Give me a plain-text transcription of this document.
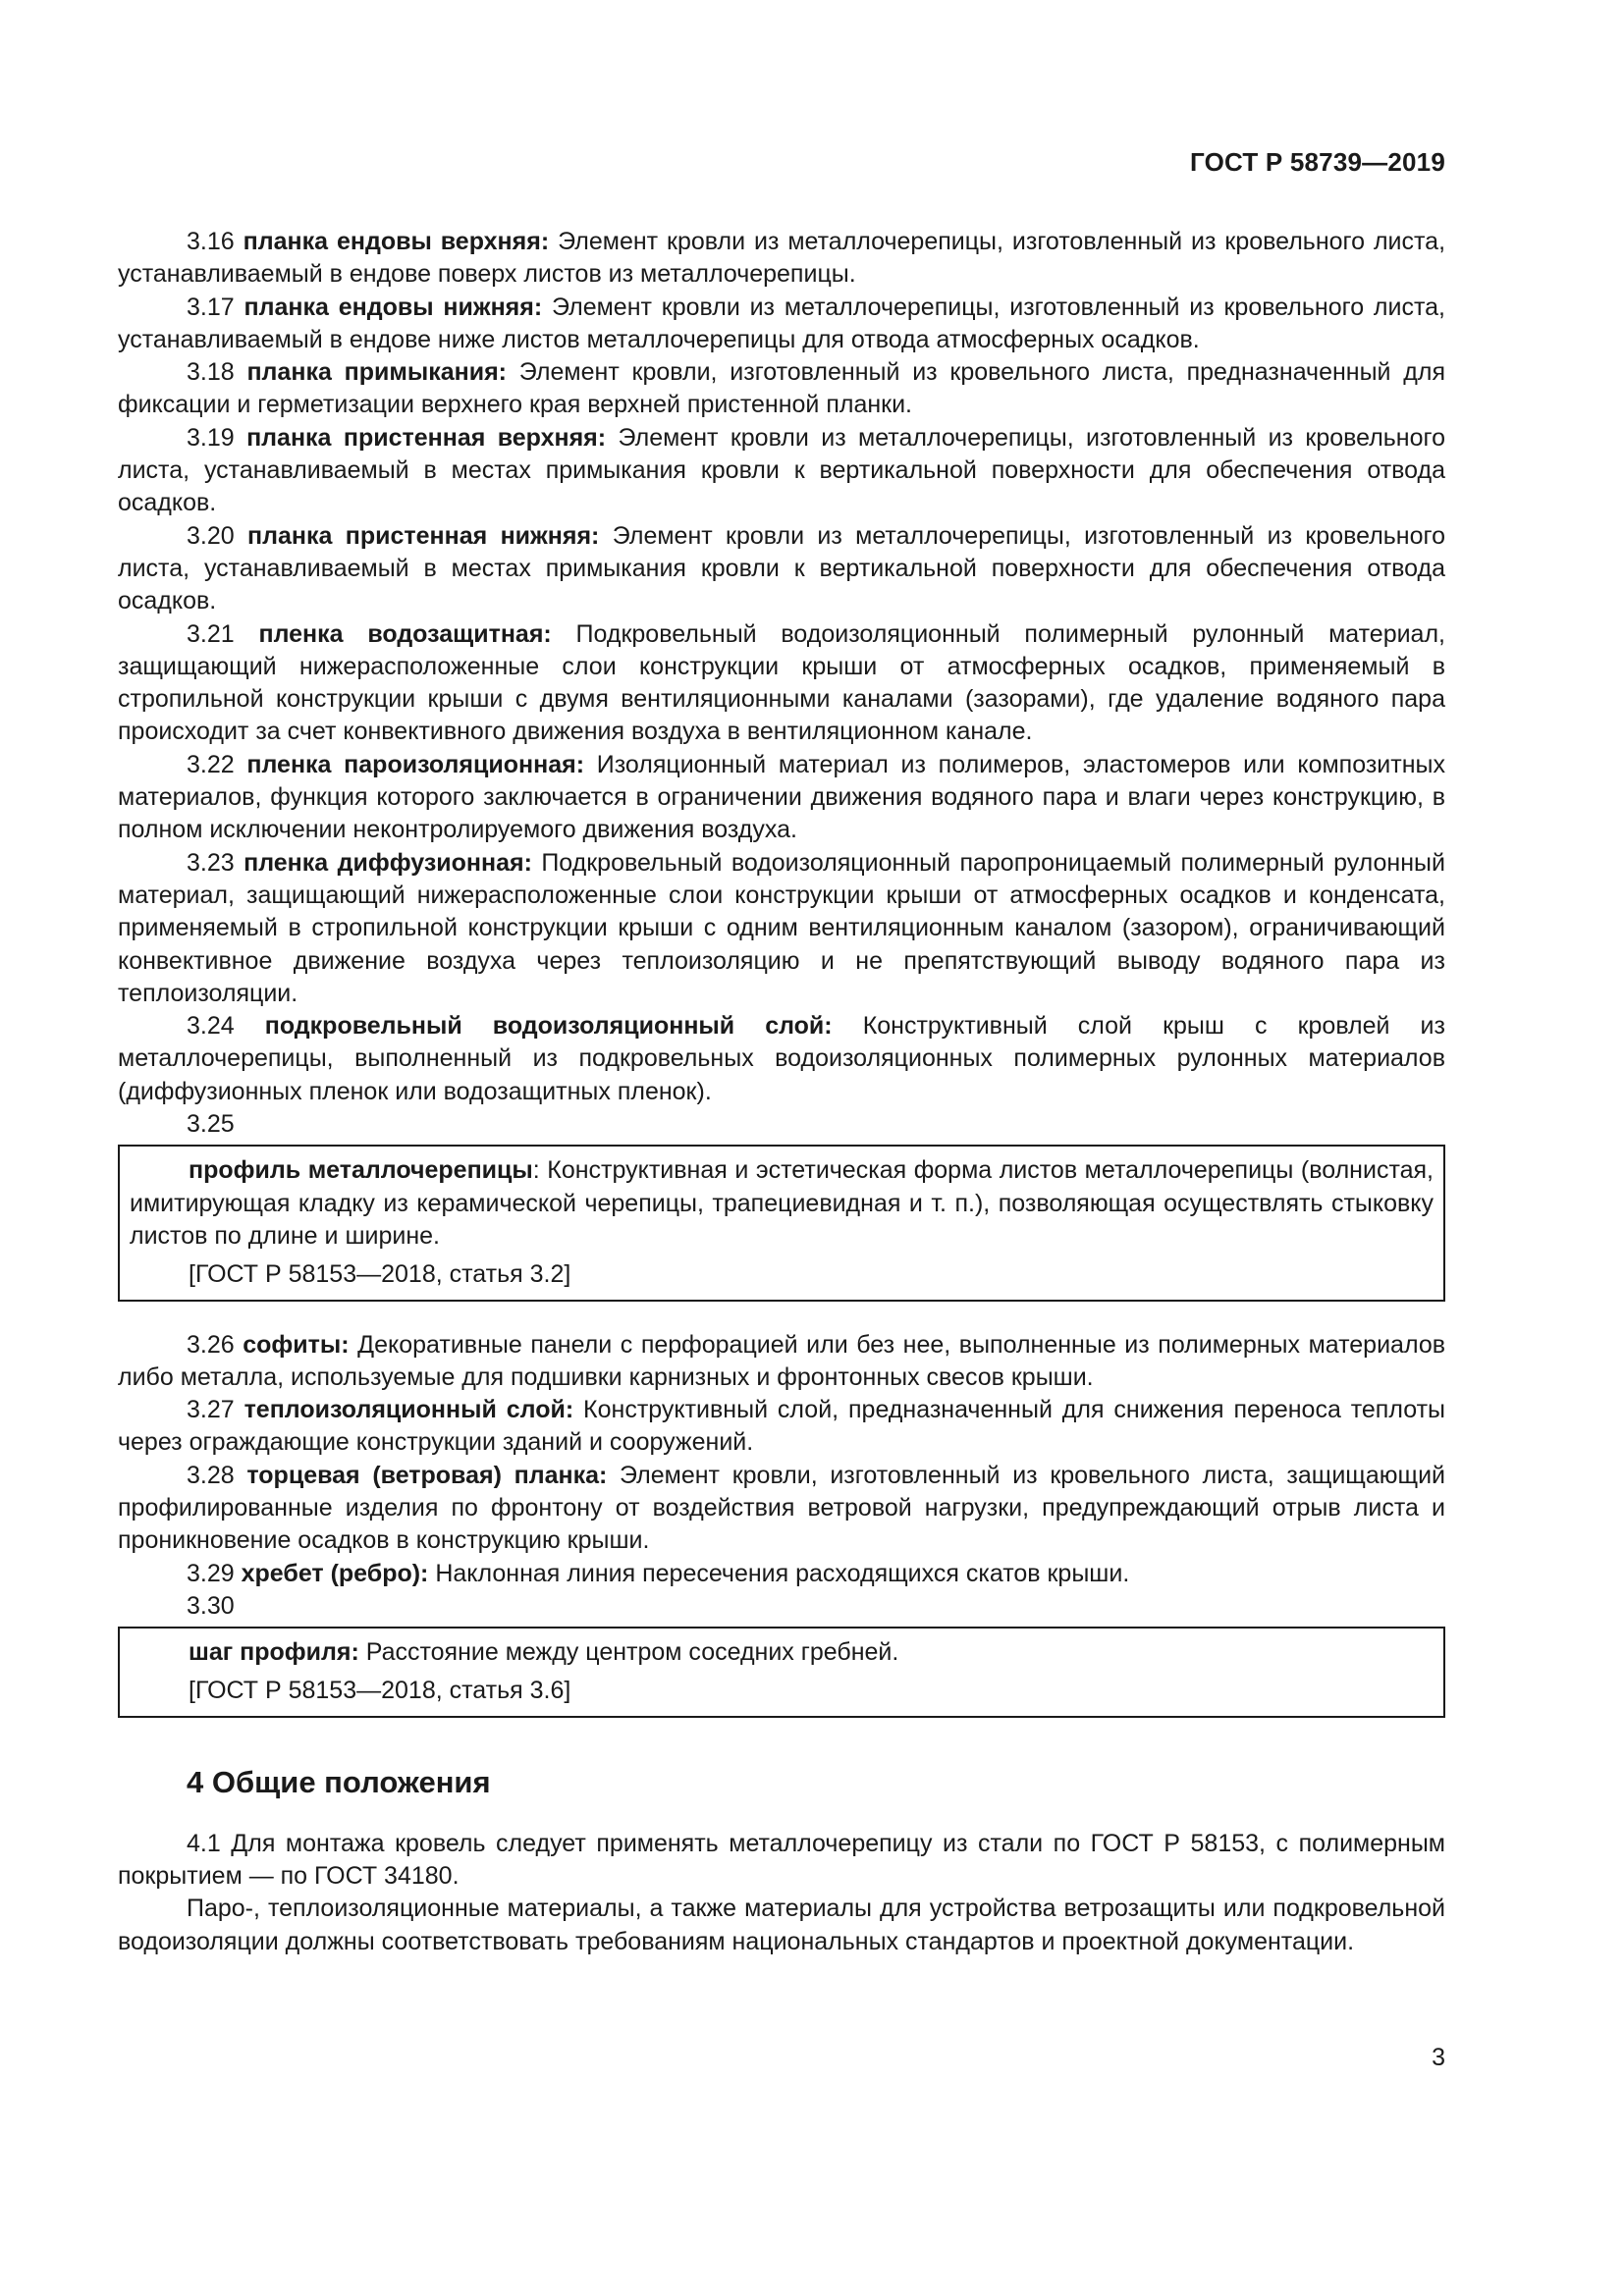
ГОСТ Р 58739—2019

3.16 планка ендовы верхняя: Элемент кровли из металлочерепицы, изготовленный из кровельного листа, устанавливаемый в ендове поверх листов из металлочерепицы.

3.17 планка ендовы нижняя: Элемент кровли из металлочерепицы, изготовленный из кровельного листа, устанавливаемый в ендове ниже листов металлочерепицы для отвода атмосферных осадков.

3.18 планка примыкания: Элемент кровли, изготовленный из кровельного листа, предназначенный для фиксации и герметизации верхнего края верхней пристенной планки.

3.19 планка пристенная верхняя: Элемент кровли из металлочерепицы, изготовленный из кровельного листа, устанавливаемый в местах примыкания кровли к вертикальной поверхности для обеспечения отвода осадков.

3.20 планка пристенная нижняя: Элемент кровли из металлочерепицы, изготовленный из кровельного листа, устанавливаемый в местах примыкания кровли к вертикальной поверхности для обеспечения отвода осадков.

3.21 пленка водозащитная: Подкровельный водоизоляционный полимерный рулонный материал, защищающий нижерасположенные слои конструкции крыши от атмосферных осадков, применяемый в стропильной конструкции крыши с двумя вентиляционными каналами (зазорами), где удаление водяного пара происходит за счет конвективного движения воздуха в вентиляционном канале.

3.22 пленка пароизоляционная: Изоляционный материал из полимеров, эластомеров или композитных материалов, функция которого заключается в ограничении движения водяного пара и влаги через конструкцию, в полном исключении неконтролируемого движения воздуха.

3.23 пленка диффузионная: Подкровельный водоизоляционный паропроницаемый полимерный рулонный материал, защищающий нижерасположенные слои конструкции крыши от атмосферных осадков и конденсата, применяемый в стропильной конструкции крыши с одним вентиляционным каналом (зазором), ограничивающий конвективное движение воздуха через теплоизоляцию и не препятствующий выводу водяного пара из теплоизоляции.

3.24 подкровельный водоизоляционный слой: Конструктивный слой крыш с кровлей из металлочерепицы, выполненный из подкровельных водоизоляционных полимерных рулонных материалов (диффузионных пленок или водозащитных пленок).

3.25

профиль металлочерепицы: Конструктивная и эстетическая форма листов металлочерепицы (волнистая, имитирующая кладку из керамической черепицы, трапециевидная и т. п.), позволяющая осуществлять стыковку листов по длине и ширине.

[ГОСТ Р 58153—2018, статья 3.2]

3.26 софиты: Декоративные панели с перфорацией или без нее, выполненные из полимерных материалов либо металла, используемые для подшивки карнизных и фронтонных свесов крыши.

3.27 теплоизоляционный слой: Конструктивный слой, предназначенный для снижения переноса теплоты через ограждающие конструкции зданий и сооружений.

3.28 торцевая (ветровая) планка: Элемент кровли, изготовленный из кровельного листа, защищающий профилированные изделия по фронтону от воздействия ветровой нагрузки, предупреждающий отрыв листа и проникновение осадков в конструкцию крыши.

3.29 хребет (ребро): Наклонная линия пересечения расходящихся скатов крыши.

3.30

шаг профиля: Расстояние между центром соседних гребней.

[ГОСТ Р 58153—2018, статья 3.6]

4 Общие положения

4.1 Для монтажа кровель следует применять металлочерепицу из стали по ГОСТ Р 58153, с полимерным покрытием — по ГОСТ 34180.

Паро-, теплоизоляционные материалы, а также материалы для устройства ветрозащиты или подкровельной водоизоляции должны соответствовать требованиям национальных стандартов и проектной документации.

3
